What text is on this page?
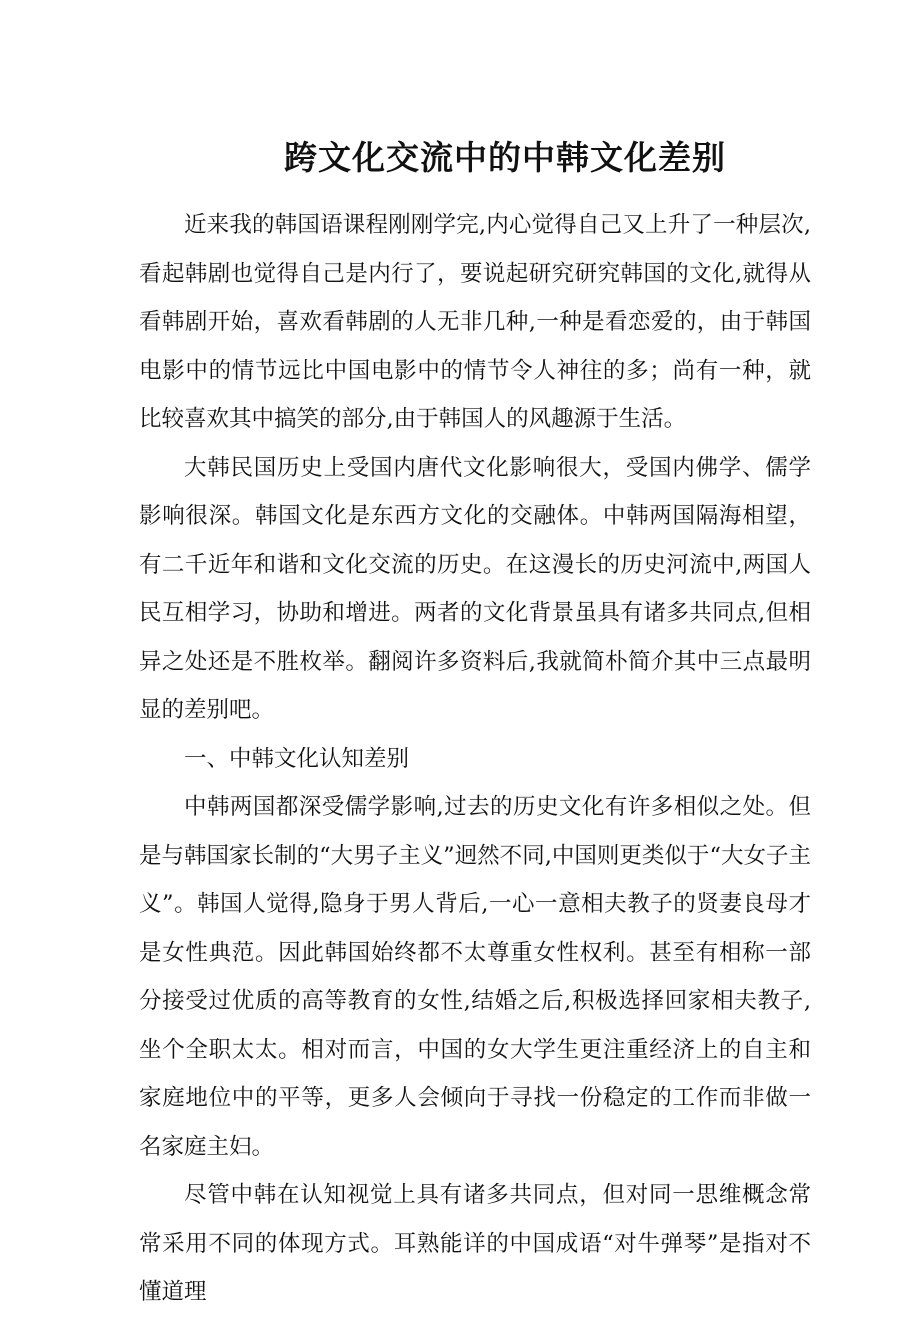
跨文化交流中的中韩文化差别

近来我的韩国语课程刚刚学完,内心觉得自己又上升了一种层次,看起韩剧也觉得自己是内行了，要说起研究研究韩国的文化,就得从看韩剧开始，喜欢看韩剧的人无非几种,一种是看恋爱的，由于韩国电影中的情节远比中国电影中的情节令人神往的多；尚有一种，就比较喜欢其中搞笑的部分,由于韩国人的风趣源于生活。

大韩民国历史上受国内唐代文化影响很大，受国内佛学、儒学影响很深。韩国文化是东西方文化的交融体。中韩两国隔海相望，有二千近年和谐和文化交流的历史。在这漫长的历史河流中,两国人民互相学习，协助和增进。两者的文化背景虽具有诸多共同点,但相异之处还是不胜枚举。翻阅许多资料后,我就简朴简介其中三点最明显的差别吧。

一、中韩文化认知差别

中韩两国都深受儒学影响,过去的历史文化有许多相似之处。但是与韩国家长制的“大男子主义”迥然不同,中国则更类似于“大女子主义”。韩国人觉得,隐身于男人背后,一心一意相夫教子的贤妻良母才是女性典范。因此韩国始终都不太尊重女性权利。甚至有相称一部分接受过优质的高等教育的女性,结婚之后,积极选择回家相夫教子,坐个全职太太。相对而言，中国的女大学生更注重经济上的自主和家庭地位中的平等，更多人会倾向于寻找一份稳定的工作而非做一名家庭主妇。

尽管中韩在认知视觉上具有诸多共同点，但对同一思维概念常常采用不同的体现方式。耳熟能详的中国成语“对牛弹琴”是指对不懂道理
